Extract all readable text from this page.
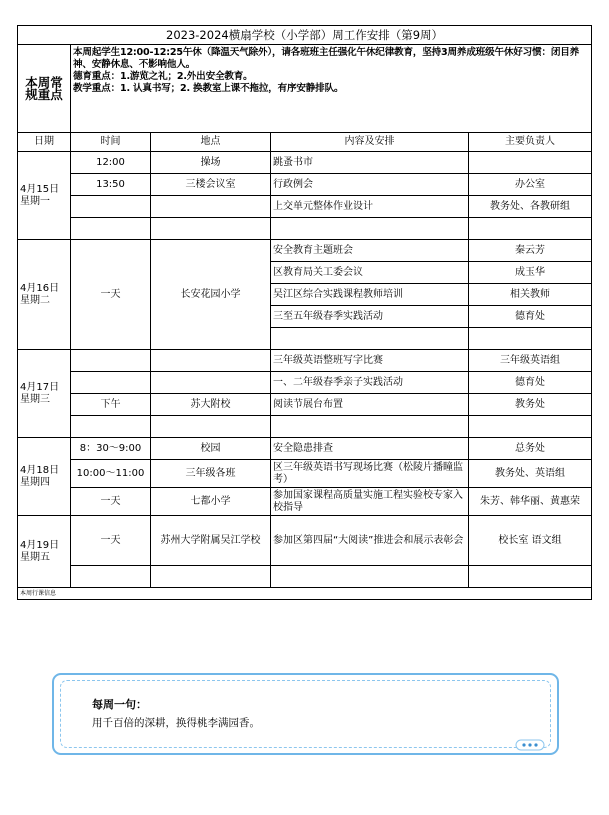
2023-2024横扇学校（小学部）周工作安排（第9周）				
本周常规重点	本周起学生12:00-12:25午休（降温天气除外），请各班班主任强化午休纪律教育，坚持3周养成班级午休好习惯：闭目养神、安静休息、不影响他人。
德育重点：1.游览之礼；2.外出安全教育。
教学重点：1. 认真书写；2. 换教室上课不拖拉，有序安静排队。			

日期	时间	地点	内容及安排	主要负责人
4月15日星期一	12:00	操场	跳蚤书市	
	13:50	三楼会议室	行政例会	办公室
			上交单元整体作业设计	教务处、各教研组

4月16日星期二	一天	长安花园小学	安全教育主题班会	秦云芳
			区教育局关工委会议	成玉华
			吴江区综合实践课程教师培训	相关教师
			三至五年级春季实践活动	德育处

4月17日星期三			三年级英语整班写字比赛	三年级英语组
			一、二年级春季亲子实践活动	德育处
	下午	苏大附校	阅读节展台布置	教务处

4月18日星期四	8：30～9:00	校园	安全隐患排查	总务处
	10:00～11:00	三年级各班	区三年级英语书写现场比赛（松陵片播瞳监考）	教务处、英语组
	一天	七都小学	参加国家课程高质量实施工程实验校专家入校指导	朱芳、韩华丽、黄惠荣
4月19日星期五	一天	苏州大学附属吴江学校	参加区第四届“大阅读”推进会和展示表彰会	校长室 语文组

本周行课信息				
每周一句：
用千百倍的深耕，换得桃李满园香。
